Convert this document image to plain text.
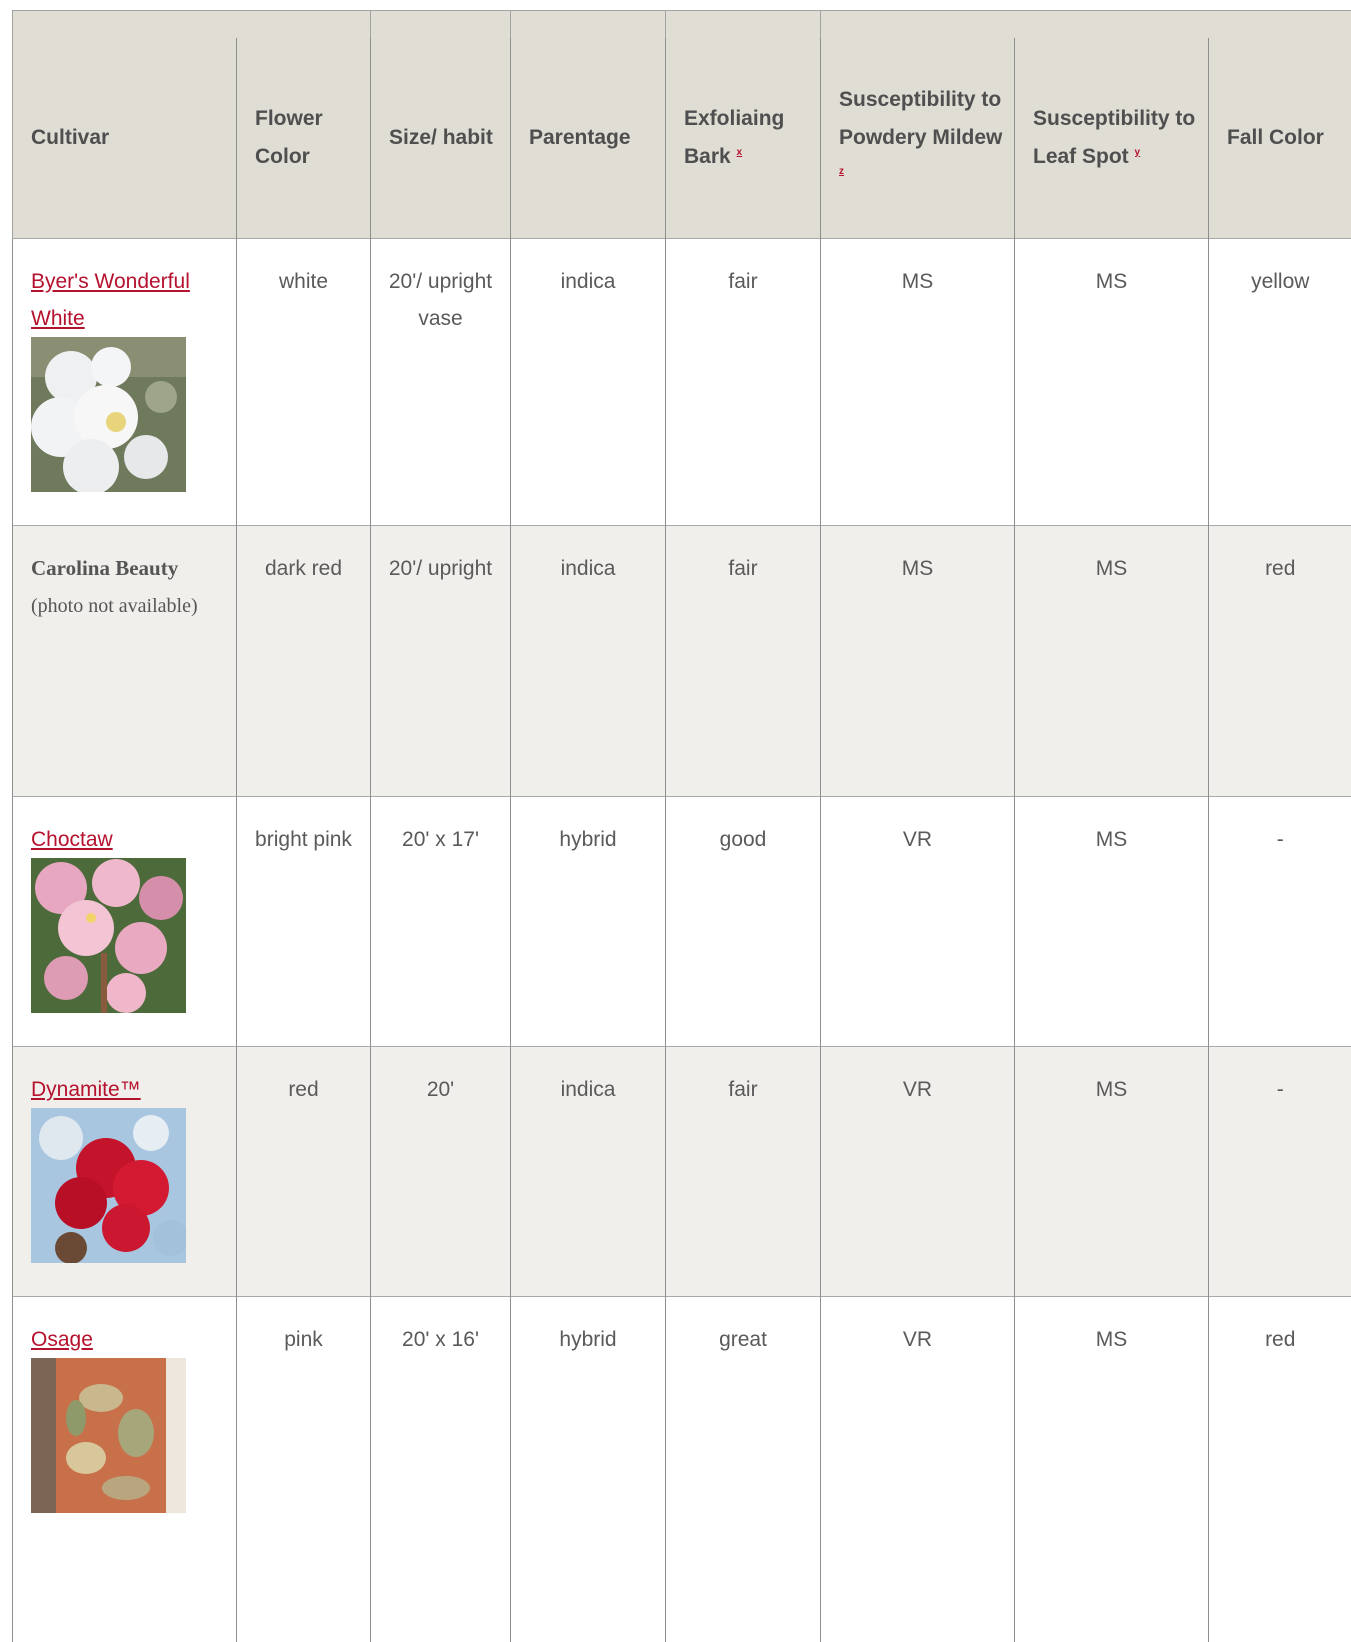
Cultivar	Flower Color	Size/ habit	Parentage	Exfoliaing Bark $^x$	Susceptibility to Powdery Mildew $^z$	Susceptibility to Leaf Spot $^y$	Fall Color
Byer's Wonderful White	white	20'/ upright vase	indica	fair	MS	MS	yellow
Carolina Beauty
(photo not available)	dark red	20'/ upright	indica	fair	MS	MS	red
Choctaw	bright pink	20' x 17'	hybrid	good	VR	MS	-
Dynamite™	red	20'	indica	fair	VR	MS	-
Osage	pink	20' x 16'	hybrid	great	VR	MS	red
